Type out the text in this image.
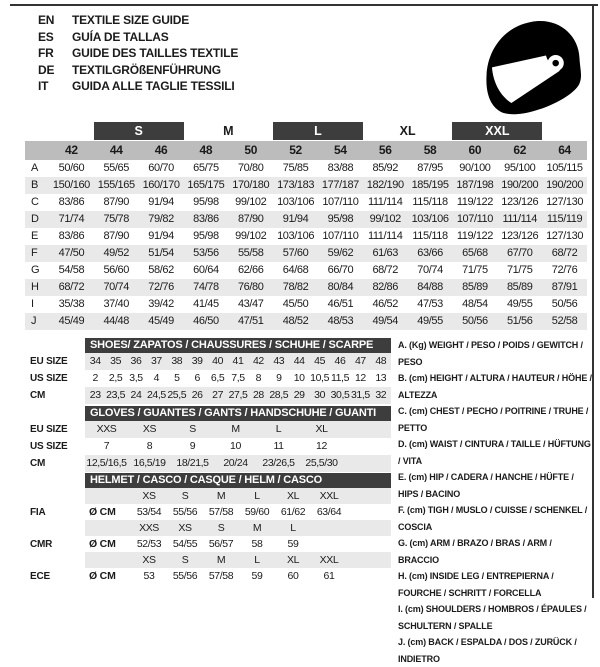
EN	TEXTILE SIZE GUIDE
ES	GUÍA DE TALLAS
FR	GUIDE DES TAILLES TEXTILE
DE	TEXTILGRÖßENFÜHRUNG
IT	GUIDA ALLE TAGLIE TESSILI
S	M	L	XL	XXL
42	44	46	48	50	52	54	56	58	60	62	64
A	50/60	55/65	60/70	65/75	70/80	75/85	83/88	85/92	87/95	90/100	95/100	105/115
B	150/160 155/165 160/170 165/175 170/180 173/183 177/187 182/190 185/195 187/198 190/200 190/200
C	83/86	87/90	91/94	95/98	99/102 103/106 107/110 111/114 115/118 119/122 123/126 127/130
D	71/74	75/78	79/82	83/86	87/90	91/94	95/98	99/102 103/106 107/110 111/114 115/119
E	83/86	87/90	91/94	95/98	99/102 103/106 107/110 111/114 115/118 119/122 123/126 127/130
F	47/50	49/52	51/54	53/56	55/58	57/60	59/62	61/63	63/66	65/68	67/70	68/72
G	54/58	56/60	58/62	60/64	62/66	64/68	66/70	68/72	70/74	71/75	71/75	72/76
H	68/72	70/74	72/76	74/78	76/80	78/82	80/84	82/86	84/88	85/89	85/89	87/91
I	35/38	37/40	39/42	41/45	43/47	45/50	46/51	46/52	47/53	48/54	49/55	50/56
J	45/49	44/48	45/49	46/50	47/51	48/52	48/53	49/54	49/55	50/56	51/56	52/58
SHOES/ ZAPATOS / CHAUSSURES / SCHUHE / SCARPE
EU SIZE	34 35 36 37 38 39 40 41 42 43 44 45 46 47 48
US SIZE	2	2,5 3,5	4	5	6	6,5 7,5	8	9	10 10,5 11,5 12 13
CM	23 23,5 24 24,5 25,5 26 27 27,5 28 28,5 29 30 30,5 31,5 32
GLOVES / GUANTES / GANTS / HANDSCHUHE / GUANTI
EU SIZE	XXS	XS	S	M	L	XL
US SIZE	7	8	9	10	11	12
CM	12,5/16,5 16,5/19	18/21,5	20/24	23/26,5	25,5/30
HELMET / CASCO / CASQUE / HELM / CASCO
XS	S	M	L	XL	XXL
FIA	Ø CM	53/54	55/56	57/58	59/60	61/62	63/64
XXS	XS	S	M	L
CMR	Ø CM	52/53	54/55	56/57	58	59
XS	S	M	L	XL	XXL
ECE	Ø CM	53	55/56	57/58	59	60	61
A. (Kg) WEIGHT / PESO / POIDS / GEWITCH / PESO
B. (cm) HEIGHT / ALTURA / HAUTEUR / HÖHE / ALTEZZA
C. (cm) CHEST / PECHO / POITRINE / TRUHE / PETTO
D. (cm) WAIST / CINTURA / TAILLE / HÜFTUNG / VITA
E. (cm) HIP / CADERA / HANCHE / HÜFTE / HIPS / BACINO
F. (cm) TIGH / MUSLO / CUISSE / SCHENKEL / COSCIA
G. (cm) ARM / BRAZO / BRAS / ARM / BRACCIO
H. (cm) INSIDE LEG / ENTREPIERNA / FOURCHE / SCHRITT / FORCELLA
I. (cm) SHOULDERS / HOMBROS / ÉPAULES / SCHULTERN / SPALLE
J. (cm) BACK / ESPALDA / DOS / ZURÜCK / INDIETRO
